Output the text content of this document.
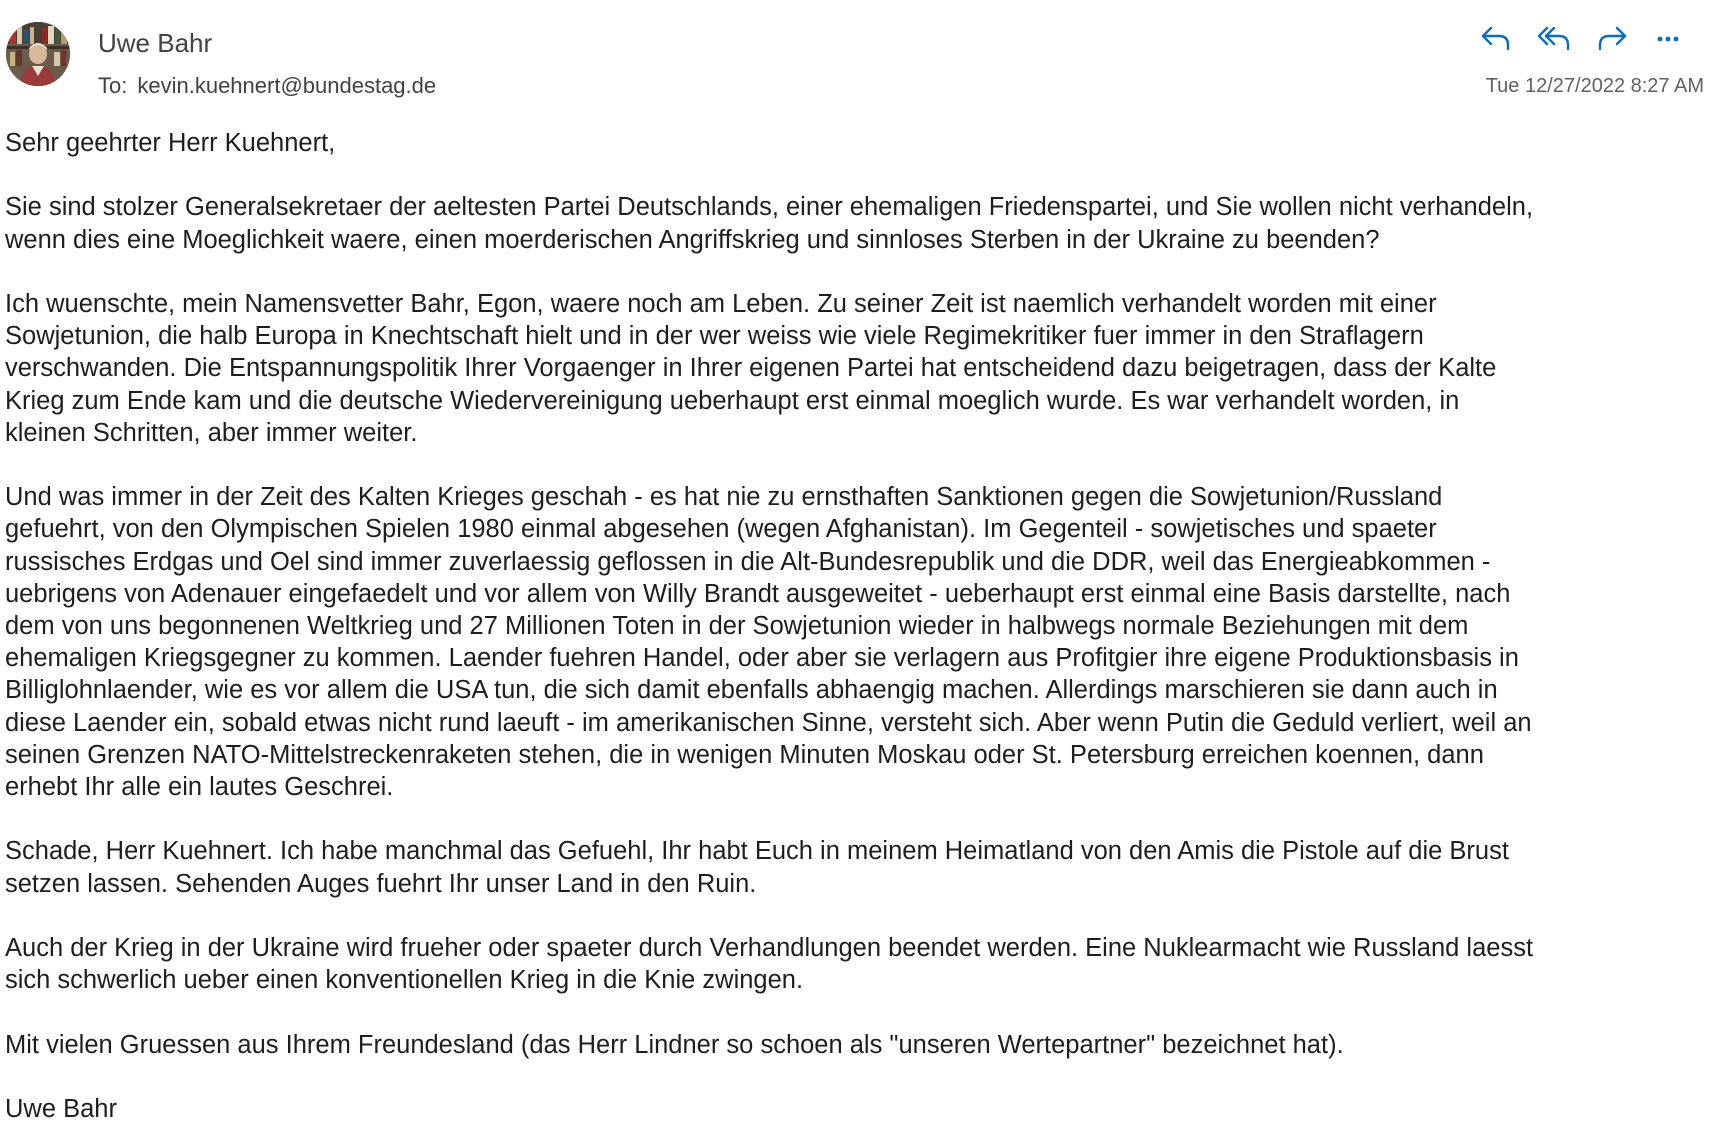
Uwe Bahr
To: kevin.kuehnert@bundestag.de	Tue 12/27/2022 8:27 AM

Sehr geehrter Herr Kuehnert,

Sie sind stolzer Generalsekretaer der aeltesten Partei Deutschlands, einer ehemaligen Friedenspartei, und Sie wollen nicht verhandeln,
wenn dies eine Moeglichkeit waere, einen moerderischen Angriffskrieg und sinnloses Sterben in der Ukraine zu beenden?

Ich wuenschte, mein Namensvetter Bahr, Egon, waere noch am Leben. Zu seiner Zeit ist naemlich verhandelt worden mit einer
Sowjetunion, die halb Europa in Knechtschaft hielt und in der wer weiss wie viele Regimekritiker fuer immer in den Straflagern
verschwanden. Die Entspannungspolitik Ihrer Vorgaenger in Ihrer eigenen Partei hat entscheidend dazu beigetragen, dass der Kalte
Krieg zum Ende kam und die deutsche Wiedervereinigung ueberhaupt erst einmal moeglich wurde. Es war verhandelt worden, in
kleinen Schritten, aber immer weiter.

Und was immer in der Zeit des Kalten Krieges geschah - es hat nie zu ernsthaften Sanktionen gegen die Sowjetunion/Russland
gefuehrt, von den Olympischen Spielen 1980 einmal abgesehen (wegen Afghanistan). Im Gegenteil - sowjetisches und spaeter
russisches Erdgas und Oel sind immer zuverlaessig geflossen in die Alt-Bundesrepublik und die DDR, weil das Energieabkommen -
uebrigens von Adenauer eingefaedelt und vor allem von Willy Brandt ausgeweitet - ueberhaupt erst einmal eine Basis darstellte, nach
dem von uns begonnenen Weltkrieg und 27 Millionen Toten in der Sowjetunion wieder in halbwegs normale Beziehungen mit dem
ehemaligen Kriegsgegner zu kommen. Laender fuehren Handel, oder aber sie verlagern aus Profitgier ihre eigene Produktionsbasis in
Billiglohnlaender, wie es vor allem die USA tun, die sich damit ebenfalls abhaengig machen. Allerdings marschieren sie dann auch in
diese Laender ein, sobald etwas nicht rund laeuft - im amerikanischen Sinne, versteht sich. Aber wenn Putin die Geduld verliert, weil an
seinen Grenzen NATO-Mittelstreckenraketen stehen, die in wenigen Minuten Moskau oder St. Petersburg erreichen koennen, dann
erhebt Ihr alle ein lautes Geschrei.

Schade, Herr Kuehnert. Ich habe manchmal das Gefuehl, Ihr habt Euch in meinem Heimatland von den Amis die Pistole auf die Brust
setzen lassen. Sehenden Auges fuehrt Ihr unser Land in den Ruin.

Auch der Krieg in der Ukraine wird frueher oder spaeter durch Verhandlungen beendet werden. Eine Nuklearmacht wie Russland laesst
sich schwerlich ueber einen konventionellen Krieg in die Knie zwingen.

Mit vielen Gruessen aus Ihrem Freundesland (das Herr Lindner so schoen als "unseren Wertepartner" bezeichnet hat).

Uwe Bahr
